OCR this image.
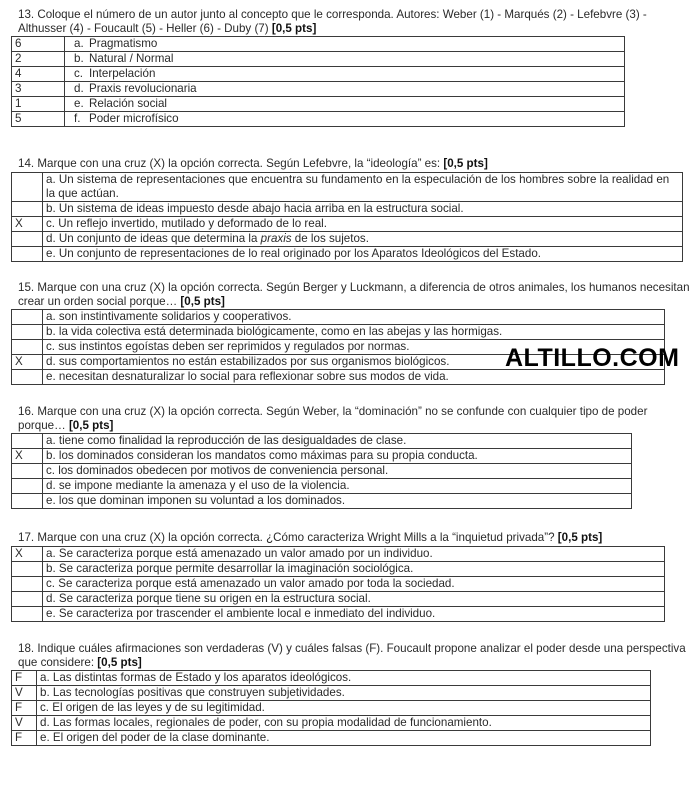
13. Coloque el número de un autor junto al concepto que le corresponda. Autores: Weber (1) - Marqués (2) - Lefebvre (3) - Althusser (4) - Foucault (5) - Heller (6) - Duby (7) [0,5 pts]
6	a.	Pragmatismo
2	b.	Natural / Normal
4	c.	Interpelación
3	d.	Praxis revolucionaria
1	e.	Relación social
5	f.	Poder microfísico
14. Marque con una cruz (X) la opción correcta. Según Lefebvre, la “ideología” es: [0,5 pts]
	a. Un sistema de representaciones que encuentra su fundamento en la especulación de los hombres sobre la realidad en la que actúan.
	b. Un sistema de ideas impuesto desde abajo hacia arriba en la estructura social.
X	c. Un reflejo invertido, mutilado y deformado de lo real.
	d. Un conjunto de ideas que determina la praxis de los sujetos.
	e. Un conjunto de representaciones de lo real originado por los Aparatos Ideológicos del Estado.
15. Marque con una cruz (X) la opción correcta. Según Berger y Luckmann, a diferencia de otros animales, los humanos necesitan crear un orden social porque… [0,5 pts]
	a. son instintivamente solidarios y cooperativos.
	b. la vida colectiva está determinada biológicamente, como en las abejas y las hormigas.
	c. sus instintos egoístas deben ser reprimidos y regulados por normas.
X	d. sus comportamientos no están estabilizados por sus organismos biológicos.
	e. necesitan desnaturalizar lo social para reflexionar sobre sus modos de vida.
ALTILLO.COM
16. Marque con una cruz (X) la opción correcta. Según Weber, la “dominación” no se confunde con cualquier tipo de poder porque… [0,5 pts]
	a. tiene como finalidad la reproducción de las desigualdades de clase.
X	b. los dominados consideran los mandatos como máximas para su propia conducta.
	c. los dominados obedecen por motivos de conveniencia personal.
	d. se impone mediante la amenaza y el uso de la violencia.
	e. los que dominan imponen su voluntad a los dominados.
17. Marque con una cruz (X) la opción correcta. ¿Cómo caracteriza Wright Mills a la “inquietud privada”? [0,5 pts]
X	a. Se caracteriza porque está amenazado un valor amado por un individuo.
	b. Se caracteriza porque permite desarrollar la imaginación sociológica.
	c. Se caracteriza porque está amenazado un valor amado por toda la sociedad.
	d. Se caracteriza porque tiene su origen en la estructura social.
	e. Se caracteriza por trascender el ambiente local e inmediato del individuo.
18. Indique cuáles afirmaciones son verdaderas (V) y cuáles falsas (F). Foucault propone analizar el poder desde una perspectiva que considere: [0,5 pts]
F	a. Las distintas formas de Estado y los aparatos ideológicos.
V	b. Las tecnologías positivas que construyen subjetividades.
F	c. El origen de las leyes y de su legitimidad.
V	d. Las formas locales, regionales de poder, con su propia modalidad de funcionamiento.
F	e. El origen del poder de la clase dominante.
